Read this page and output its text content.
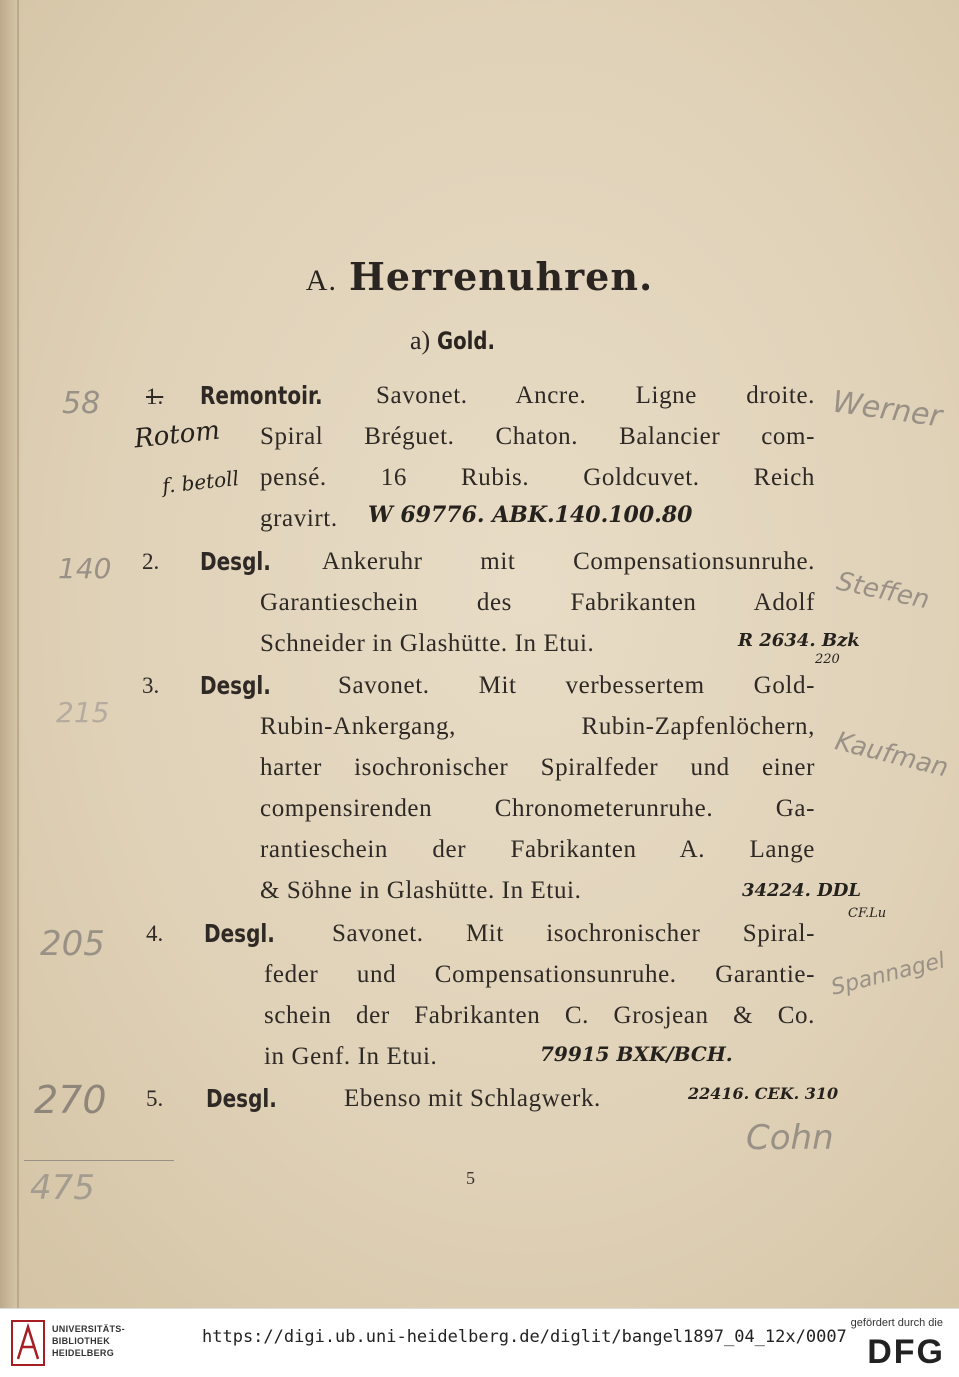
A. Herrenuhren.
a) Gold.
1. Remontoir. Savonet. Ancre. Ligne droite.
Spiral Bréguet. Chaton. Balancier com-
pensé. 16 Rubis. Goldcuvet. Reich
gravirt.
2. Desgl. Ankeruhr mit Compensationsunruhe.
Garantieschein des Fabrikanten Adolf
Schneider in Glashütte. In Etui.
3. Desgl.	Savonet. Mit verbessertem Gold-
Rubin-Ankergang, Rubin-Zapfenlöchern,
harter isochronischer Spiralfeder und einer
compensirenden Chronometerunruhe. Ga-
rantieschein der Fabrikanten A. Lange
& Söhne in Glashütte. In Etui.
4. Desgl. Savonet. Mit isochronischer Spiral-
feder und Compensationsunruhe. Garantie-
schein der Fabrikanten C. Grosjean & Co.
in Genf. In Etui.
5. Desgl.	Ebenso mit Schlagwerk.
Rotom
f. betoll
W 69776. ABK.140.100.80
R 2634. Bzk
220
34224. DDL
CF.Lu
79915 BXK/BCH.
22416. CEK. 310
58
140
215
205
270
475
Werner
Steffen
Kaufman
Spannagel
Cohn
5
UNIVERSITÄTS-
BIBLIOTHEK
HEIDELBERG
https://digi.ub.uni-heidelberg.de/diglit/bangel1897_04_12x/0007
gefördert durch die
DFG
